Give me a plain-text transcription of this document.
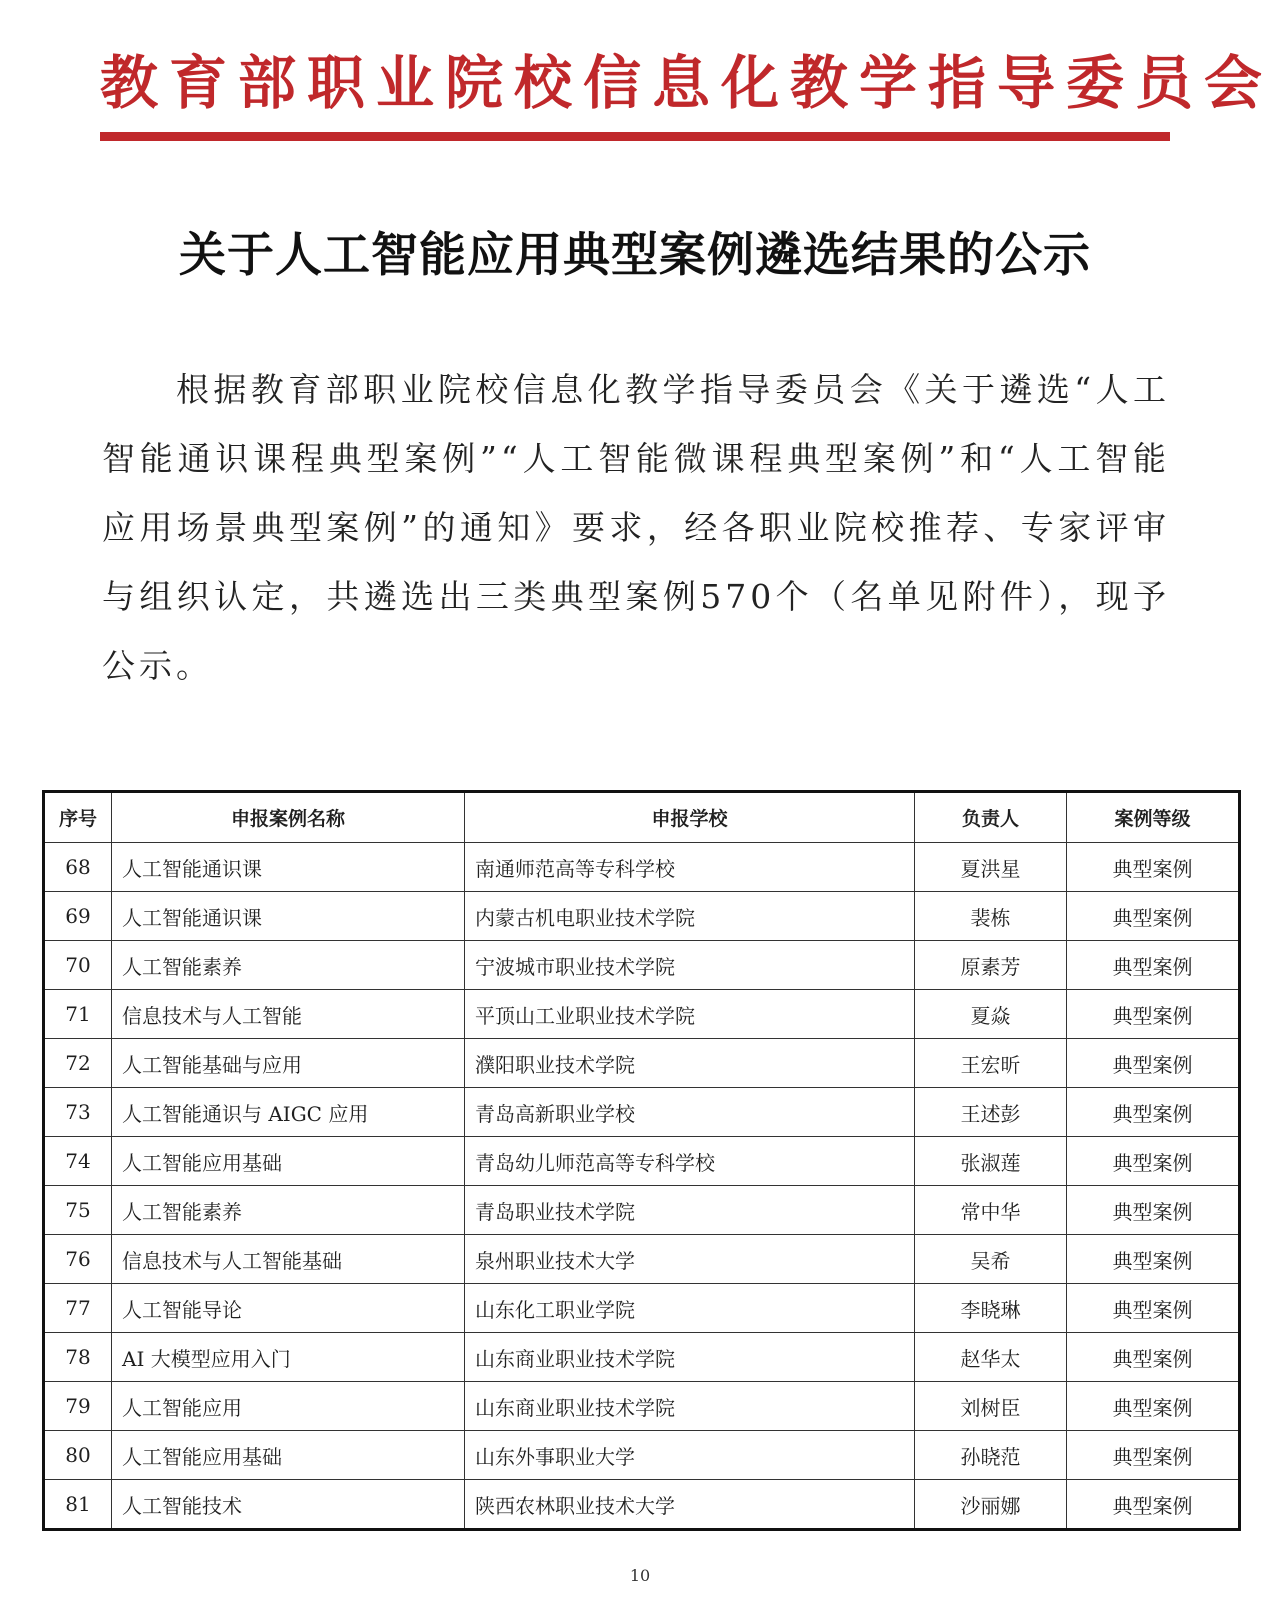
教育部职业院校信息化教学指导委员会
关于人工智能应用典型案例遴选结果的公示

根据教育部职业院校信息化教学指导委员会《关于遴选“人工智能通识课程典型案例”“人工智能微课程典型案例”和“人工智能应用场景典型案例”的通知》要求，经各职业院校推荐、专家评审与组织认定，共遴选出三类典型案例570个（名单见附件），现予公示。

序号	申报案例名称	申报学校	负责人	案例等级
68	人工智能通识课	南通师范高等专科学校	夏洪星	典型案例
69	人工智能通识课	内蒙古机电职业技术学院	裴栋	典型案例
70	人工智能素养	宁波城市职业技术学院	原素芳	典型案例
71	信息技术与人工智能	平顶山工业职业技术学院	夏焱	典型案例
72	人工智能基础与应用	濮阳职业技术学院	王宏昕	典型案例
73	人工智能通识与 AIGC 应用	青岛高新职业学校	王述彭	典型案例
74	人工智能应用基础	青岛幼儿师范高等专科学校	张淑莲	典型案例
75	人工智能素养	青岛职业技术学院	常中华	典型案例
76	信息技术与人工智能基础	泉州职业技术大学	吴希	典型案例
77	人工智能导论	山东化工职业学院	李晓琳	典型案例
78	AI 大模型应用入门	山东商业职业技术学院	赵华太	典型案例
79	人工智能应用	山东商业职业技术学院	刘树臣	典型案例
80	人工智能应用基础	山东外事职业大学	孙晓范	典型案例
81	人工智能技术	陕西农林职业技术大学	沙丽娜	典型案例
10
